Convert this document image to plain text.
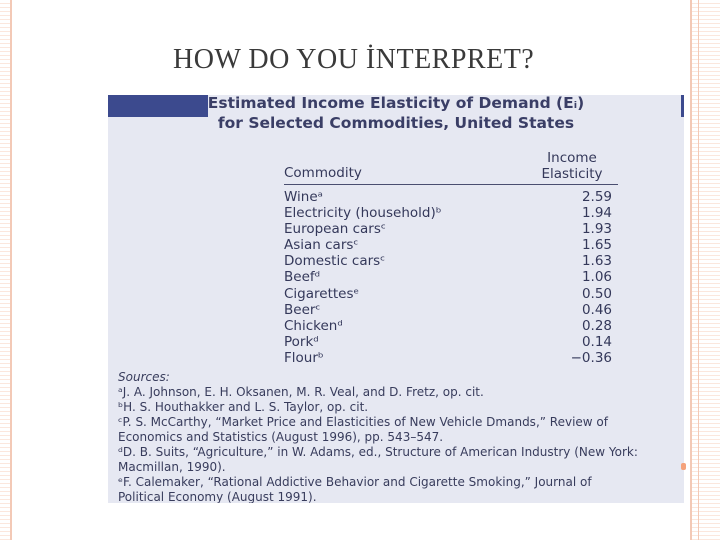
HOW DO YOU İNTERPRET?
Estimated Income Elasticity of Demand (Eᵢ)
for Selected Commodities, United States
Commodity
Income
Elasticity
Wineᵃ	2.59
Electricity (household)ᵇ	1.94
European carsᶜ	1.93
Asian carsᶜ	1.65
Domestic carsᶜ	1.63
Beefᵈ	1.06
Cigarettesᵉ	0.50
Beerᶜ	0.46
Chickenᵈ	0.28
Porkᵈ	0.14
Flourᵇ	−0.36
Sources:
ᵃJ. A. Johnson, E. H. Oksanen, M. R. Veal, and D. Fretz, op. cit.
ᵇH. S. Houthakker and L. S. Taylor, op. cit.
ᶜP. S. McCarthy, “Market Price and Elasticities of New Vehicle Dmands,” Review of
Economics and Statistics (August 1996), pp. 543–547.
ᵈD. B. Suits, “Agriculture,” in W. Adams, ed., Structure of American Industry (New York:
Macmillan, 1990).
ᵉF. Calemaker, “Rational Addictive Behavior and Cigarette Smoking,” Journal of
Political Economy (August 1991).
